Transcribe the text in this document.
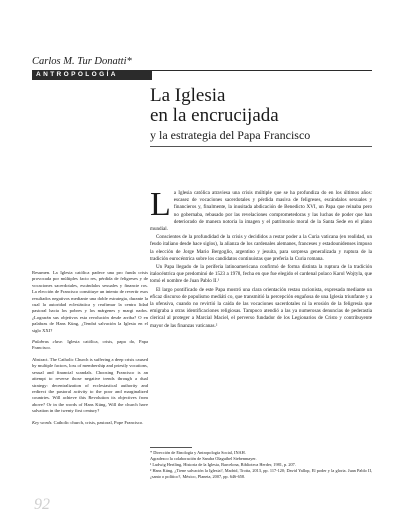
Carlos M. Tur Donatti*
ANTROPOLOGÍA
La Iglesia
en la encrucijada
y la estrategia del Papa Francisco

Resumen. La Iglesia católica padece una pro funda crisis provocada por múltiples facto res, pérdida de feligreses y de vocaciones sacerdotales, escándalos sexuales y financie ros. La elección de Francisco constituye un intento de revertir esos resultados negativos mediante una doble estrategia, durante la cual la autoridad eclesiástica y reafirmar la centra lidad pastoral hacia los pobres y los márgenes y margi nados. ¿Lograrán sus objetivos esta revolución desde arriba? O en palabras de Hans Küng, ¿Tendrá salvación la Iglesia en el siglo XXI?

Palabras clave. Iglesia católica, crisis, papa do, Papa Francisco.

Abstract. The Catholic Church is suffering a deep crisis caused by multiple factors, loss of membership and priestly vocations, sexual and financial scandals. Choosing Francisco is an attempt to reverse those negative trends through a dual strategy: decentralization of ecclesiastical authority and redirect the pastoral activity to the poor and marginalized countries. Will achieve this Revolution its objectives from above? Or in the words of Hans Küng, Will the church have salvation in the twenty first century?

Key words. Catholic church, crisis, pastoral, Pope Francisco.

La Iglesia católica atraviesa una crisis múltiple que se ha profundiza do en los últimos años: escasez de vocaciones sacerdotales y pérdida masiva de feligreses, escándalos sexuales y financieros y, finalmente, la inusitada abdicación de Benedicto XVI, un Papa que reinaba pero no gobernaba, rebasado por las revelaciones comprometedoras y las luchas de poder que han deteriorado de manera notoria la imagen y el patrimonio moral de la Santa Sede en el plano mundial.

Conscientes de la profundidad de la crisis y decididos a restar poder a la Curia vaticana (en realidad, un feudo italiano desde hace siglos), la alianza de los cardenales alemanes, franceses y estadounidenses impuso la elección de Jorge Mario Bergoglio, argentino y jesuita, para sorpresa generalizada y ruptura de la tradición eurocéntrica sobre los candidatos continuistas que prefería la Curia romana.

Un Papa llegado de la periferia latinoamericana confirmó de forma distinta la ruptura de la tradición italocéntrica que predominó de 1523 a 1978, fecha en que fue elegido el cardenal polaco Karol Wojtyla, que tomó el nombre de Juan Pablo II.¹

El largo pontificado de este Papa mostró una clara orientación restau racionista, expresada mediante un eficaz discurso de populismo mediáti co, que transmitió la percepción engañosa de una Iglesia triunfante y a la ofensiva, cuando no revirtió la caída de las vocaciones sacerdotales ni la erosión de la feligresía que emigraba a otras identificaciones religiosas. Tampoco atendió a las ya numerosas denuncias de pederastia clerical al proteger a Marcial Maciel, el perverso fundador de los Legionarios de Cristo y contribuyente mayor de las finanzas vaticanas.²

* Dirección de Etnología y Antropología Social, INAH.
Agradezco la colaboración de Sandra Olaguíbel Siebenmayer.
¹ Ludwig Hertling, Historia de la Iglesia, Barcelona, Biblioteca Herder, 1981, p. 207.
² Hans Küng, ¿Tiene salvación la Iglesia?, Madrid, Trotta, 2013, pp. 117-120; David Yallop, El poder y la gloria. Juan Pablo II, ¿santo o político?, México, Planeta, 2007, pp. 646-658.
92
